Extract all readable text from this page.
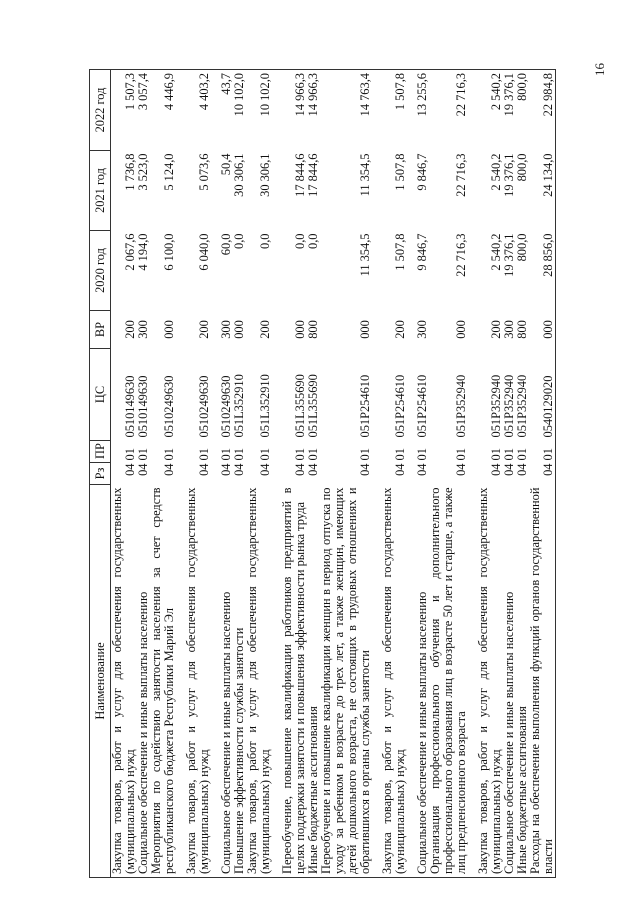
16
Наименование	Рз	ПР	ЦС	ВР	2020 год	2021 год	2022 год
Закупка товаров, работ и услуг для обеспечения государственных (муниципальных) нужд	04	01	0510149630	200	2 067,6	1 736,8	1 507,3
Социальное обеспечение и иные выплаты населению	04	01	0510149630	300	4 194,0	3 523,0	3 057,4
Мероприятия по содействию занятости населения за счет средств республиканского бюджета Республики Марий Эл	04	01	0510249630	000	6 100,0	5 124,0	4 446,9

Закупка товаров, работ и услуг для обеспечения государственных (муниципальных) нужд	04	01	0510249630	200	6 040,0	5 073,6	4 403,2

Социальное обеспечение и иные выплаты населению	04	01	0510249630	300	60,0	50,4	43,7
Повышение эффективности службы занятости	04	01	051L352910	000	0,0	30 306,1	10 102,0
Закупка товаров, работ и услуг для обеспечения государственных (муниципальных) нужд	04	01	051L352910	200	0,0	30 306,1	10 102,0

Переобучение, повышение квалификации работников предприятий в целях поддержки занятости и повышения эффективности рынка труда	04	01	051L355690	000	0,0	17 844,6	14 966,3
Иные бюджетные ассигнования	04	01	051L355690	800	0,0	17 844,6	14 966,3
Переобучение и повышение квалификации женщин в период отпуска по уходу за ребенком в возрасте до трех лет, а также женщин, имеющих детей дошкольного возраста, не состоящих в трудовых отношениях и обратившихся в органы службы занятости	04	01	051P254610	000	11 354,5	11 354,5	14 763,4

Закупка товаров, работ и услуг для обеспечения государственных (муниципальных) нужд	04	01	051P254610	200	1 507,8	1 507,8	1 507,8

Социальное обеспечение и иные выплаты населению	04	01	051P254610	300	9 846,7	9 846,7	13 255,6
Организация профессионального обучения и дополнительного профессионального образования лиц в возрасте 50 лет и старше, а также лиц предпенсионного возраста	04	01	051P352940	000	22 716,3	22 716,3	22 716,3

Закупка товаров, работ и услуг для обеспечения государственных (муниципальных) нужд	04	01	051P352940	200	2 540,2	2 540,2	2 540,2
Социальное обеспечение и иные выплаты населению	04	01	051P352940	300	19 376,1	19 376,1	19 376,1
Иные бюджетные ассигнования	04	01	051P352940	800	800,0	800,0	800,0
Расходы на обеспечение выполнения функций органов государственной власти	04	01	0540129020	000	28 856,0	24 134,0	22 984,8
